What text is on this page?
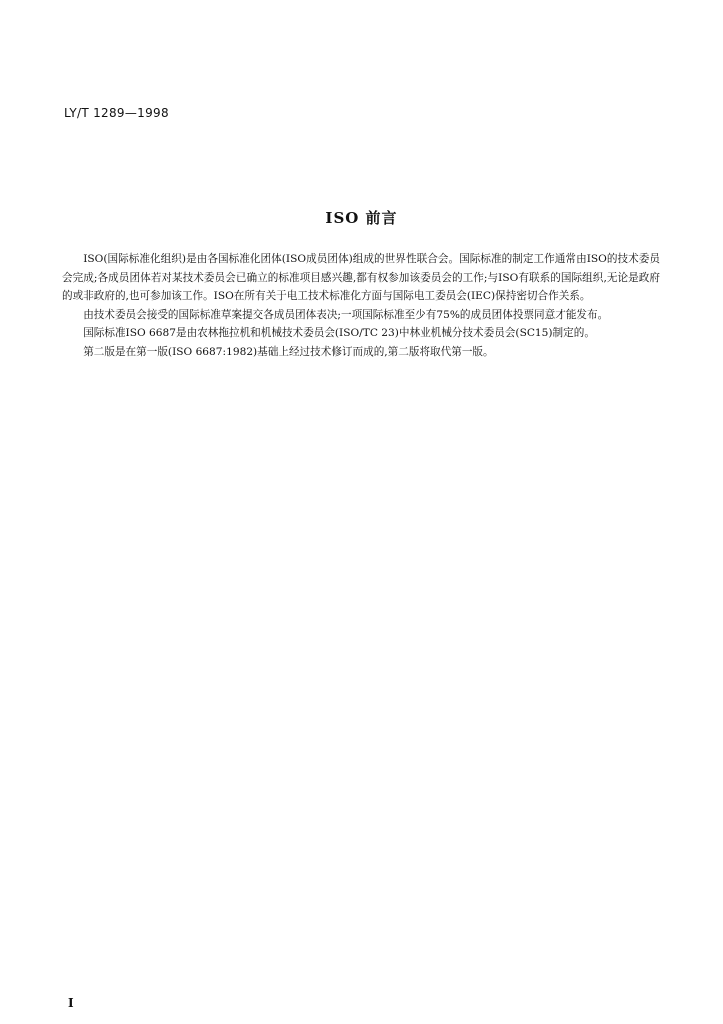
LY/T 1289—1998
ISO 前言

ISO(国际标准化组织)是由各国标准化团体(ISO成员团体)组成的世界性联合会。国际标准的制定工作通常由ISO的技术委员会完成;各成员团体若对某技术委员会已确立的标准项目感兴趣,都有权参加该委员会的工作;与ISO有联系的国际组织,无论是政府的或非政府的,也可参加该工作。ISO在所有关于电工技术标准化方面与国际电工委员会(IEC)保持密切合作关系。

由技术委员会接受的国际标准草案提交各成员团体表决;一项国际标准至少有75%的成员团体投票同意才能发布。

国际标准ISO 6687是由农林拖拉机和机械技术委员会(ISO/TC 23)中林业机械分技术委员会(SC15)制定的。

第二版是在第一版(ISO 6687:1982)基础上经过技术修订而成的,第二版将取代第一版。

I
